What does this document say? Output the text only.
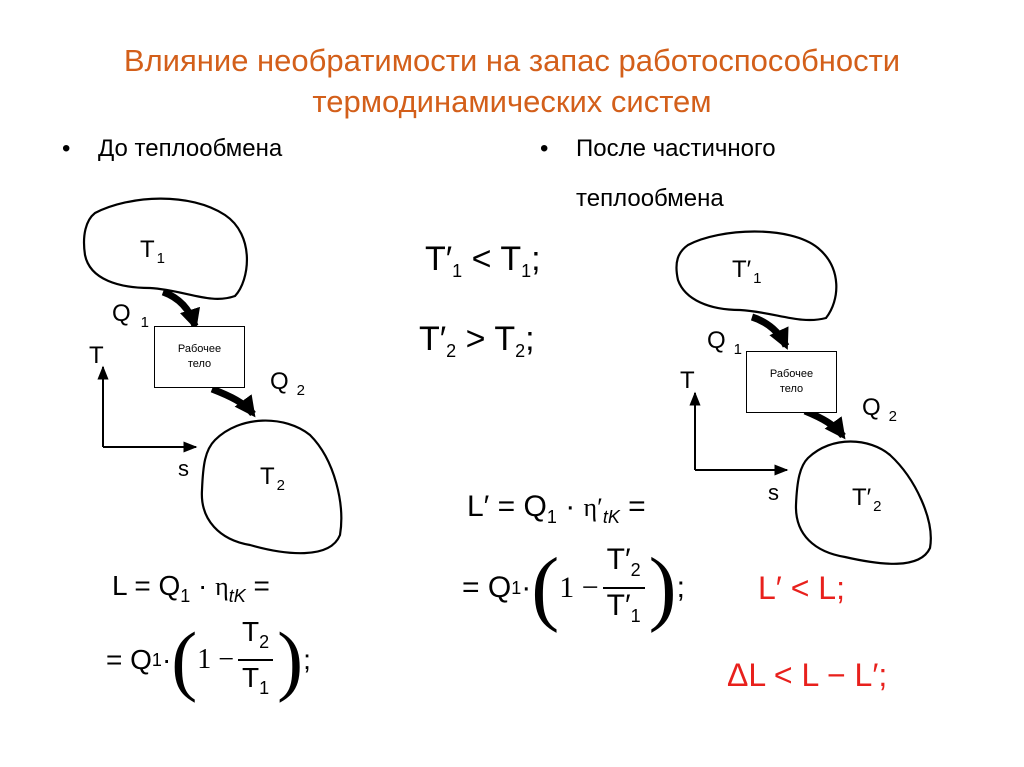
Влияние необратимости на запас работоспособности
термодинамических систем
• До теплообмена	• После частичного
теплообмена
T $_1$
T $_2$
Q $_1$
Q $_2$
Рабочее
тело
T
s
T′ $_1$
T′ $_2$
Q $_1$
Q $_2$
Рабочее
тело
T
s
$T'_1 < T_1$;
$T'_2 > T_2$;
$L = Q_1 \cdot \eta_{tK}$ =
= Q 1 · ( $1 - \frac{T_2}{T_1}$ ) ;
$L' = Q_1 \cdot \eta'_{tK}$ =
= Q 1 · ( $1 - \frac{T'_2}{T'_1}$ ) ; L′ < L;
ΔL < L − L′;
